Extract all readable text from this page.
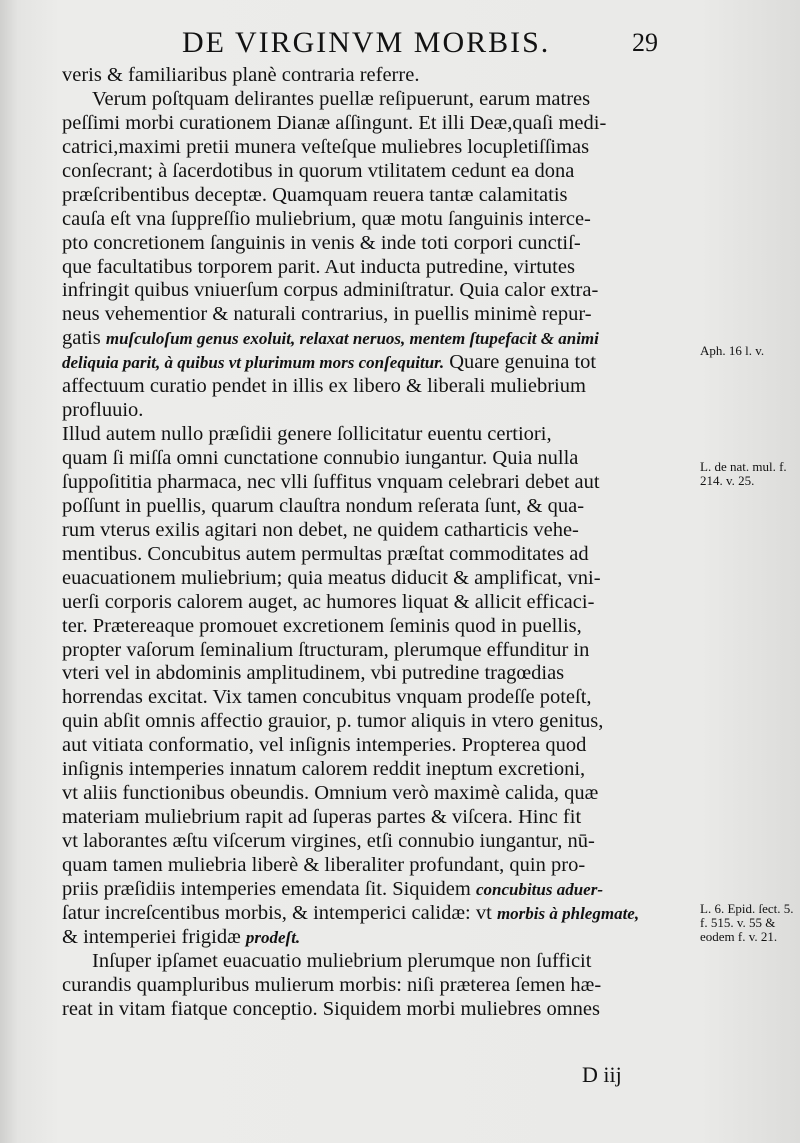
DE VIRGINVM MORBIS.	29
veris & familiaribus planè contraria referre.
Verum poſtquam delirantes puellæ reſipuerunt, earum matres
peſſimi morbi curationem Dianæ aſſingunt. Et illi Deæ,quaſi medi-
catrici,maximi pretii munera veſteſque muliebres locupletiſſimas
conſecrant; à ſacerdotibus in quorum vtilitatem cedunt ea dona
præſcribentibus deceptæ. Quamquam reuera tantæ calamitatis
cauſa eſt vna ſuppreſſio muliebrium, quæ motu ſanguinis interce-
pto concretionem ſanguinis in venis & inde toti corpori cunctiſ-
que facultatibus torporem parit. Aut inducta putredine, virtutes
infringit quibus vniuerſum corpus adminiſtratur. Quia calor extra-
neus vehementior & naturali contrarius, in puellis minimè repur-
gatis muſculoſum genus exoluit, relaxat neruos, mentem ſtupefacit & animi
deliquia parit, à quibus vt plurimum mors conſequitur. Quare genuina tot
affectuum curatio pendet in illis ex libero & liberali muliebrium
profluuio.
Illud autem nullo præſidii genere ſollicitatur euentu certiori,
quam ſi miſſa omni cunctatione connubio iungantur. Quia nulla
ſuppoſititia pharmaca, nec vlli ſuffitus vnquam celebrari debet aut
poſſunt in puellis, quarum clauſtra nondum reſerata ſunt, & qua-
rum vterus exilis agitari non debet, ne quidem catharticis vehe-
mentibus. Concubitus autem permultas præſtat commoditates ad
euacuationem muliebrium; quia meatus diducit & amplificat, vni-
uerſi corporis calorem auget, ac humores liquat & allicit efficaci-
ter. Prætereaque promouet excretionem ſeminis quod in puellis,
propter vaſorum ſeminalium ſtructuram, plerumque effunditur in
vteri vel in abdominis amplitudinem, vbi putredine tragœdias
horrendas excitat. Vix tamen concubitus vnquam prodeſſe poteſt,
quin abſit omnis affectio grauior, p. tumor aliquis in vtero genitus,
aut vitiata conformatio, vel inſignis intemperies. Propterea quod
inſignis intemperies innatum calorem reddit ineptum excretioni,
vt aliis functionibus obeundis. Omnium verò maximè calida, quæ
materiam muliebrium rapit ad ſuperas partes & viſcera. Hinc fit
vt laborantes æſtu viſcerum virgines, etſi connubio iungantur, nū-
quam tamen muliebria liberè & liberaliter profundant, quin pro-
priis præſidiis intemperies emendata ſit. Siquidem concubitus aduer-
ſatur increſcentibus morbis, & intemperici calidæ: vt morbis à phlegmate,
& intemperiei frigidæ prodeſt.
Inſuper ipſamet euacuatio muliebrium plerumque non ſufficit
curandis quampluribus mulierum morbis: niſi præterea ſemen hæ-
reat in vitam fiatque conceptio. Siquidem morbi muliebres omnes
Aph. 16 l. v.
L. de nat. mul. f. 214. v. 25.
L. 6. Epid. ſect. 5. f. 515. v. 55 & eodem f. v. 21.
D iij
